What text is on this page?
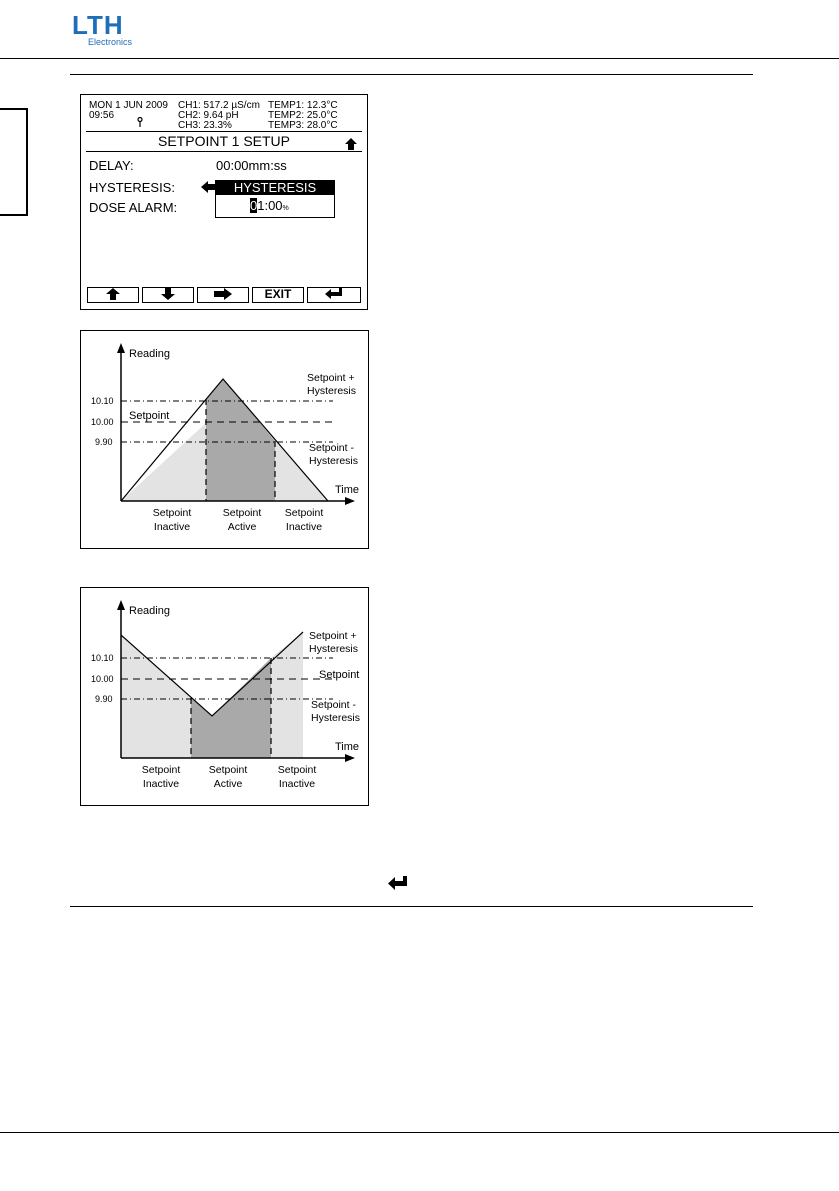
LTH
Electronics
MON 1 JUN 2009
09:56
CH1: 517.2 µS/cm
CH2: 9.64 pH
CH3: 23.3%
TEMP1: 12.3°C
TEMP2: 25.0°C
TEMP3: 28.0°C
SETPOINT 1 SETUP
DELAY:	00:00mm:ss
HYSTERESIS:
DOSE ALARM:
HYSTERESIS
01:00%
EXIT
Reading
Time
10.10
10.00
9.90
Setpoint
Setpoint +
Hysteresis
Setpoint -
Hysteresis
Setpoint
Inactive
Setpoint
Active
Setpoint
Inactive
Reading
Time
10.10
10.00
9.90
Setpoint
Setpoint +
Hysteresis
Setpoint -
Hysteresis
Setpoint
Inactive
Setpoint
Active
Setpoint
Inactive
